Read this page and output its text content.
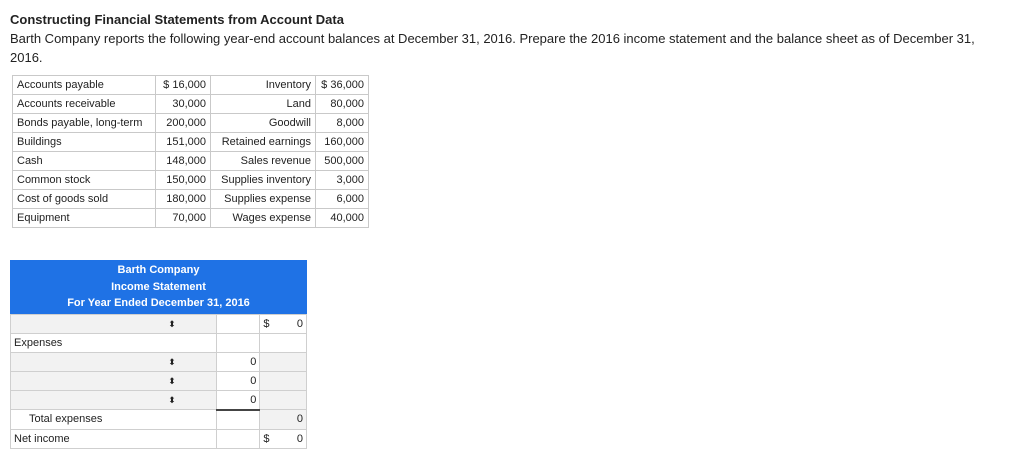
Constructing Financial Statements from Account Data

Barth Company reports the following year-end account balances at December 31, 2016. Prepare the 2016 income statement and the balance sheet as of December 31, 2016.

Accounts payable	$ 16,000	Inventory	$ 36,000
Accounts receivable	30,000	Land	80,000
Bonds payable, long-term	200,000	Goodwill	8,000
Buildings	151,000	Retained earnings	160,000
Cash	148,000	Sales revenue	500,000
Common stock	150,000	Supplies inventory	3,000
Cost of goods sold	180,000	Supplies expense	6,000
Equipment	70,000	Wages expense	40,000
Barth Company
Income Statement
For Year Ended December 31, 2016
⬍		$ 0

Expenses		
⬍	0	
⬍	0	
⬍	0	
Total expenses		0
Net income		$ 0
